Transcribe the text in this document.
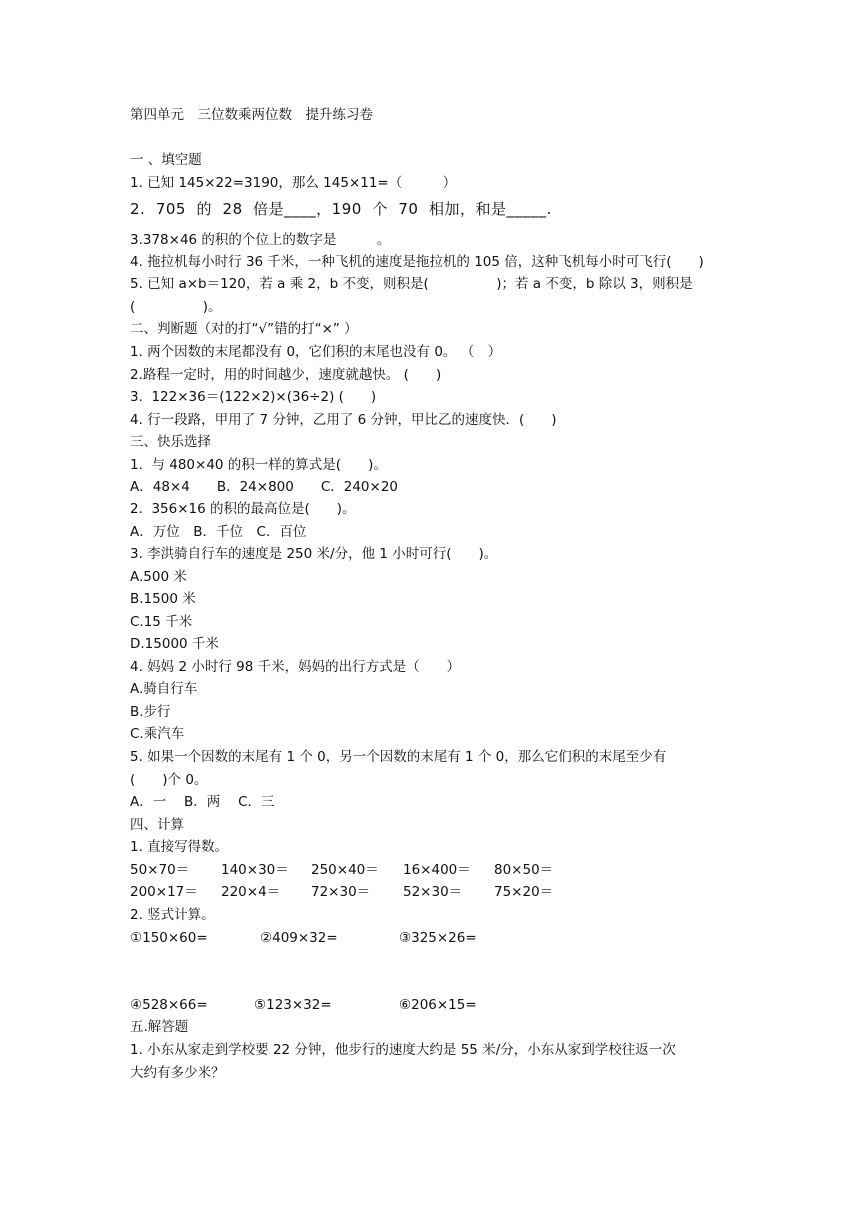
第四单元　三位数乘两位数　提升练习卷
一 、填空题
1. 已知 145×22=3190，那么 145×11=（　　　）
2.  705  的  28  倍是____，190  个  70  相加，和是_____.
3.378×46 的积的个位上的数字是　　　。
4. 拖拉机每小时行 36 千米，一种飞机的速度是拖拉机的 105 倍，这种飞机每小时可飞行(　　)
5. 已知 a×b＝120，若 a 乘 2，b 不变，则积是(　　　　　)；若 a 不变，b 除以 3，则积是
(　　　　　)。
二、判断题（对的打“√”错的打“×” ）
1. 两个因数的末尾都没有 0，它们积的末尾也没有 0。 （　）
2.路程一定时，用的时间越少，速度就越快。 (　　)
3.  122×36＝(122×2)×(36÷2) (　　)
4. 行一段路，甲用了 7 分钟，乙用了 6 分钟，甲比乙的速度快．(　　)
三、快乐选择
1.  与 480×40 的积一样的算式是(　　)。
A．48×4　　B．24×800　　C．240×20
2.  356×16 的积的最高位是(　　)。
A．万位　B．千位　C．百位
3. 李洪骑自行车的速度是 250 米/分，他 1 小时可行(　　)。
A.500 米
B.1500 米
C.15 千米
D.15000 千米
4. 妈妈 2 小时行 98 千米，妈妈的出行方式是（　　）
A.骑自行车
B.步行
C.乘汽车
5. 如果一个因数的末尾有 1 个 0，另一个因数的末尾有 1 个 0，那么它们积的末尾至少有
(　　)个 0。
A．一　 B．两　 C．三
四、计算
1. 直接写得数。
50×70＝ 140×30＝ 250×40＝ 16×400＝ 80×50＝
200×17＝ 220×4＝ 72×30＝ 52×30＝ 75×20＝
2. 竖式计算。
①150×60=	②409×32=	③325×26=
④528×66=	⑤123×32=	⑥206×15=
五.解答题
1. 小东从家走到学校要 22 分钟，他步行的速度大约是 55 米/分，小东从家到学校往返一次
大约有多少米？
